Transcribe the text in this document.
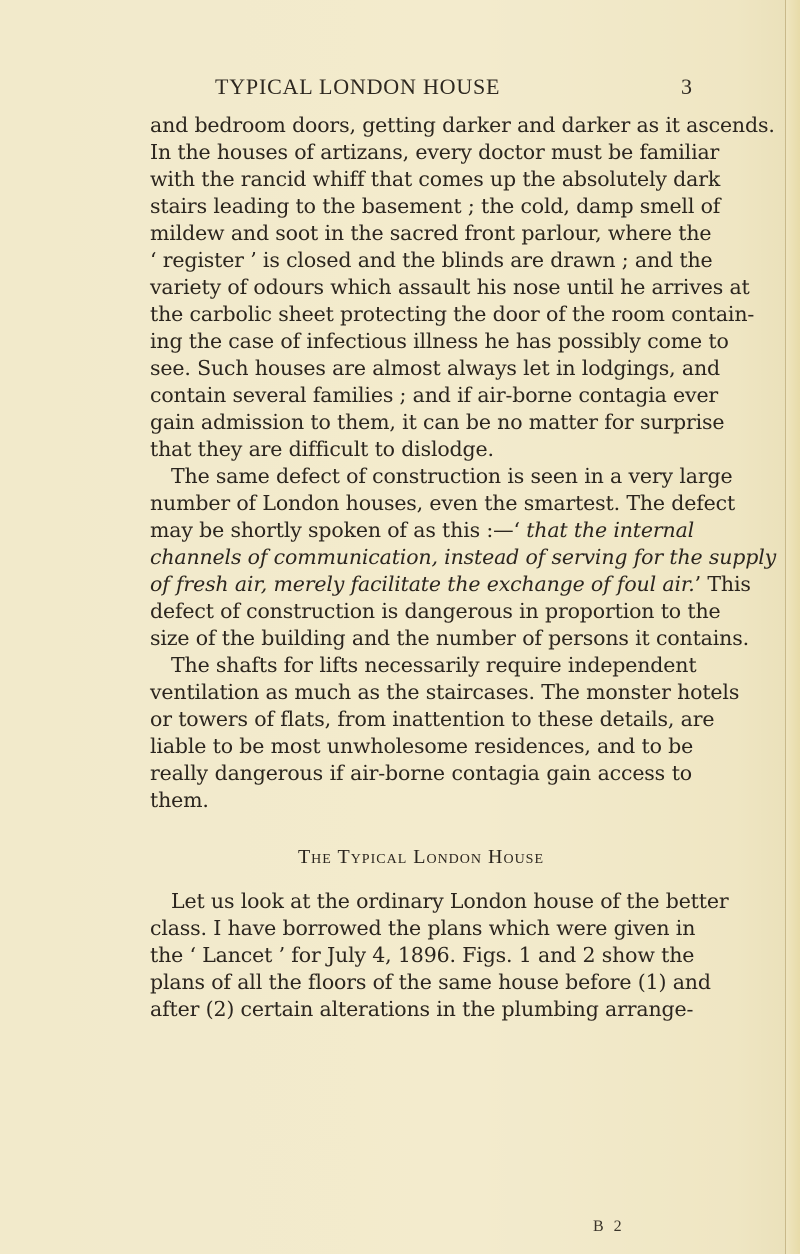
TYPICAL LONDON HOUSE	3
and bedroom doors, getting darker and darker as it ascends.
In the houses of artizans, every doctor must be familiar
with the rancid whiff that comes up the absolutely dark
stairs leading to the basement ; the cold, damp smell of
mildew and soot in the sacred front parlour, where the
‘ register ’ is closed and the blinds are drawn ; and the
variety of odours which assault his nose until he arrives at
the carbolic sheet protecting the door of the room contain-
ing the case of infectious illness he has possibly come to
see. Such houses are almost always let in lodgings, and
contain several families ; and if air-borne contagia ever
gain admission to them, it can be no matter for surprise
that they are difficult to dislodge.
The same defect of construction is seen in a very large
number of London houses, even the smartest. The defect
may be shortly spoken of as this :—‘ that the internal
channels of communication, instead of serving for the supply
of fresh air, merely facilitate the exchange of foul air.’ This
defect of construction is dangerous in proportion to the
size of the building and the number of persons it contains.
The shafts for lifts necessarily require independent
ventilation as much as the staircases. The monster hotels
or towers of flats, from inattention to these details, are
liable to be most unwholesome residences, and to be
really dangerous if air-borne contagia gain access to
them.
The Typical London House
Let us look at the ordinary London house of the better
class. I have borrowed the plans which were given in
the ‘ Lancet ’ for July 4, 1896. Figs. 1 and 2 show the
plans of all the floors of the same house before (1) and
after (2) certain alterations in the plumbing arrange-
B 2
